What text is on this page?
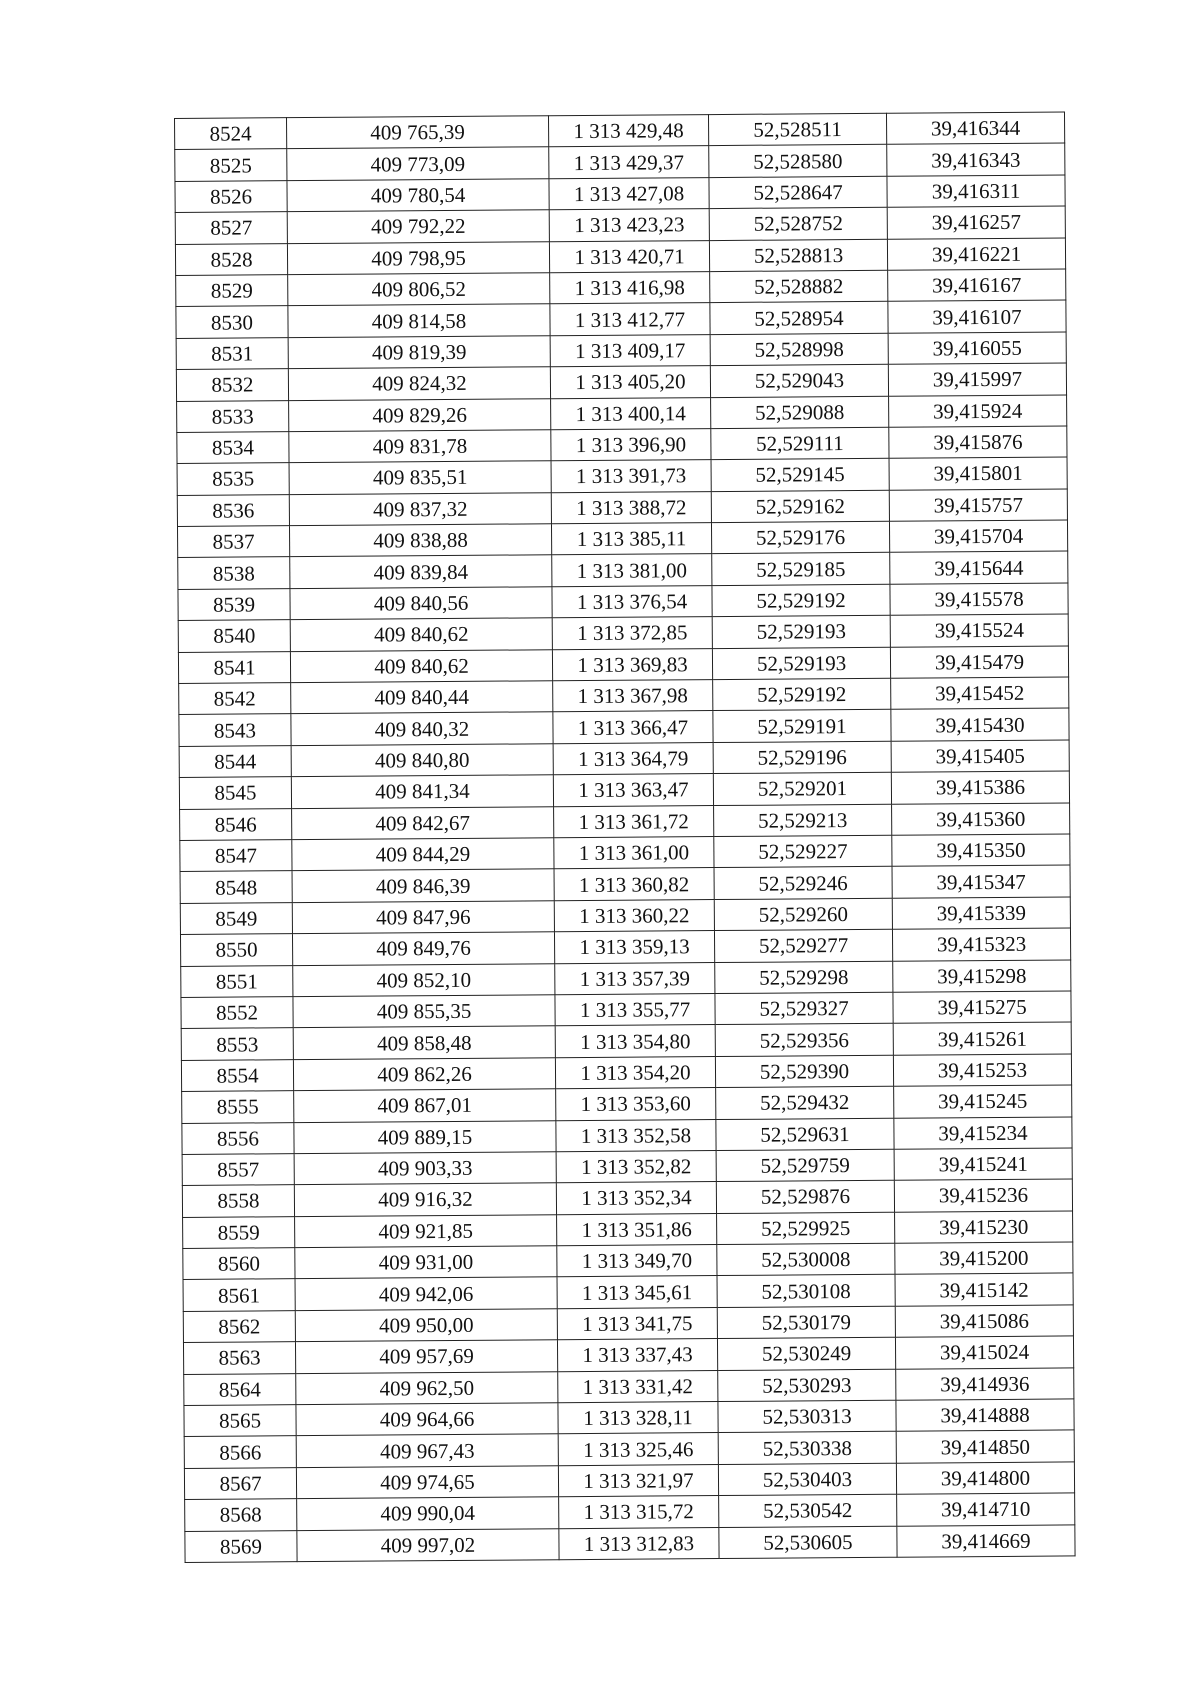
8524	409 765,39	1 313 429,48	52,528511	39,416344
8525	409 773,09	1 313 429,37	52,528580	39,416343
8526	409 780,54	1 313 427,08	52,528647	39,416311
8527	409 792,22	1 313 423,23	52,528752	39,416257
8528	409 798,95	1 313 420,71	52,528813	39,416221
8529	409 806,52	1 313 416,98	52,528882	39,416167
8530	409 814,58	1 313 412,77	52,528954	39,416107
8531	409 819,39	1 313 409,17	52,528998	39,416055
8532	409 824,32	1 313 405,20	52,529043	39,415997
8533	409 829,26	1 313 400,14	52,529088	39,415924
8534	409 831,78	1 313 396,90	52,529111	39,415876
8535	409 835,51	1 313 391,73	52,529145	39,415801
8536	409 837,32	1 313 388,72	52,529162	39,415757
8537	409 838,88	1 313 385,11	52,529176	39,415704
8538	409 839,84	1 313 381,00	52,529185	39,415644
8539	409 840,56	1 313 376,54	52,529192	39,415578
8540	409 840,62	1 313 372,85	52,529193	39,415524
8541	409 840,62	1 313 369,83	52,529193	39,415479
8542	409 840,44	1 313 367,98	52,529192	39,415452
8543	409 840,32	1 313 366,47	52,529191	39,415430
8544	409 840,80	1 313 364,79	52,529196	39,415405
8545	409 841,34	1 313 363,47	52,529201	39,415386
8546	409 842,67	1 313 361,72	52,529213	39,415360
8547	409 844,29	1 313 361,00	52,529227	39,415350
8548	409 846,39	1 313 360,82	52,529246	39,415347
8549	409 847,96	1 313 360,22	52,529260	39,415339
8550	409 849,76	1 313 359,13	52,529277	39,415323
8551	409 852,10	1 313 357,39	52,529298	39,415298
8552	409 855,35	1 313 355,77	52,529327	39,415275
8553	409 858,48	1 313 354,80	52,529356	39,415261
8554	409 862,26	1 313 354,20	52,529390	39,415253
8555	409 867,01	1 313 353,60	52,529432	39,415245
8556	409 889,15	1 313 352,58	52,529631	39,415234
8557	409 903,33	1 313 352,82	52,529759	39,415241
8558	409 916,32	1 313 352,34	52,529876	39,415236
8559	409 921,85	1 313 351,86	52,529925	39,415230
8560	409 931,00	1 313 349,70	52,530008	39,415200
8561	409 942,06	1 313 345,61	52,530108	39,415142
8562	409 950,00	1 313 341,75	52,530179	39,415086
8563	409 957,69	1 313 337,43	52,530249	39,415024
8564	409 962,50	1 313 331,42	52,530293	39,414936
8565	409 964,66	1 313 328,11	52,530313	39,414888
8566	409 967,43	1 313 325,46	52,530338	39,414850
8567	409 974,65	1 313 321,97	52,530403	39,414800
8568	409 990,04	1 313 315,72	52,530542	39,414710
8569	409 997,02	1 313 312,83	52,530605	39,414669
